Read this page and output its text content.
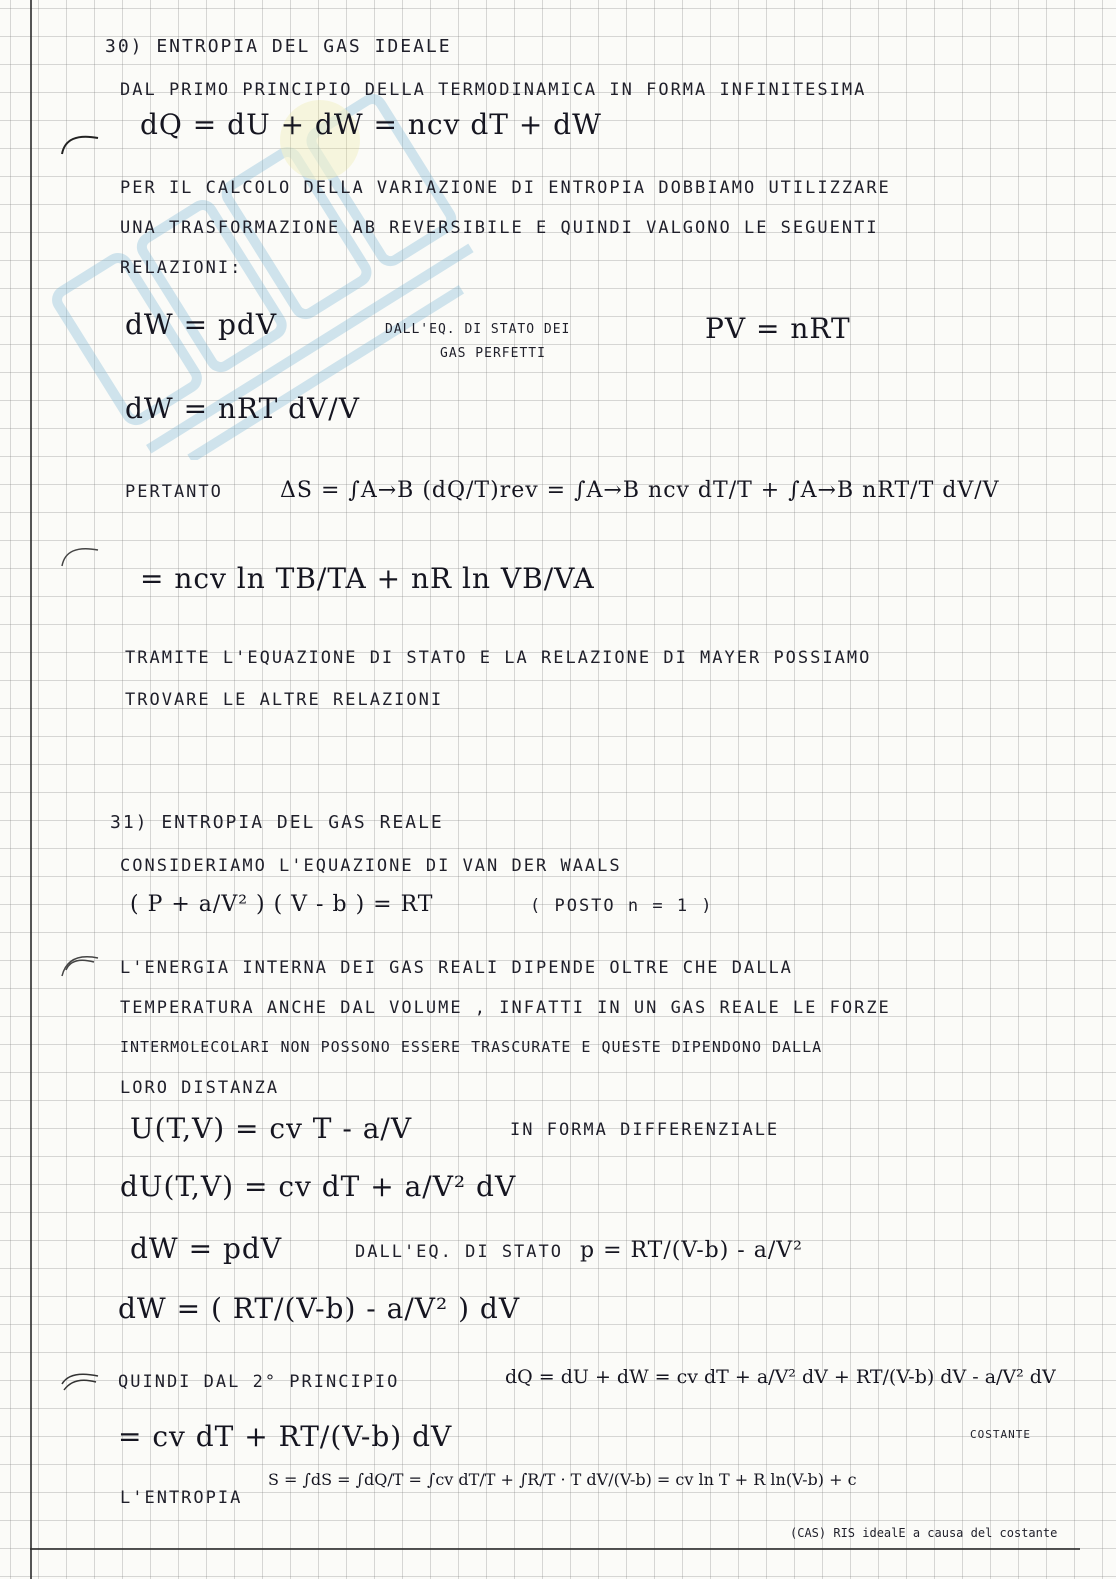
30) ENTROPIA DEL GAS IDEALE
DAL PRIMO PRINCIPIO DELLA TERMODINAMICA IN FORMA INFINITESIMA
dQ = dU + dW = ncv dT + dW
PER IL CALCOLO DELLA VARIAZIONE DI ENTROPIA DOBBIAMO UTILIZZARE
UNA TRASFORMAZIONE AB REVERSIBILE E QUINDI VALGONO LE SEGUENTI
RELAZIONI:
dW = pdV	DALL'EQ. DI STATO DEI
GAS PERFETTI
PV = nRT
dW = nRT dV/V
PERTANTO	ΔS = ∫A→B (dQ/T)rev = ∫A→B ncv dT/T + ∫A→B nRT/T dV/V
= ncv ln TB/TA + nR ln VB/VA
TRAMITE L'EQUAZIONE DI STATO E LA RELAZIONE DI MAYER POSSIAMO
TROVARE LE ALTRE RELAZIONI
31) ENTROPIA DEL GAS REALE
CONSIDERIAMO L'EQUAZIONE DI VAN DER WAALS
( P + a/V² ) ( V - b ) = RT	( POSTO n = 1 )
L'ENERGIA INTERNA DEI GAS REALI DIPENDE OLTRE CHE DALLA
TEMPERATURA ANCHE DAL VOLUME , INFATTI IN UN GAS REALE LE FORZE
INTERMOLECOLARI NON POSSONO ESSERE TRASCURATE E QUESTE DIPENDONO DALLA
LORO DISTANZA
U(T,V) = cv T - a/V	IN FORMA DIFFERENZIALE
dU(T,V) = cv dT + a/V² dV
dW = pdV	DALL'EQ. DI STATO p = RT/(V-b) - a/V²
dW = ( RT/(V-b) - a/V² ) dV
QUINDI DAL 2° PRINCIPIO	dQ = dU + dW = cv dT + a/V² dV + RT/(V-b) dV - a/V² dV
= cv dT + RT/(V-b) dV	COSTANTE
L'ENTROPIA
S = ∫dS = ∫dQ/T = ∫cv dT/T + ∫R/T · T dV/(V-b) = cv ln T + R ln(V-b) + c
(CAS) RIS idealE a causa del costante
